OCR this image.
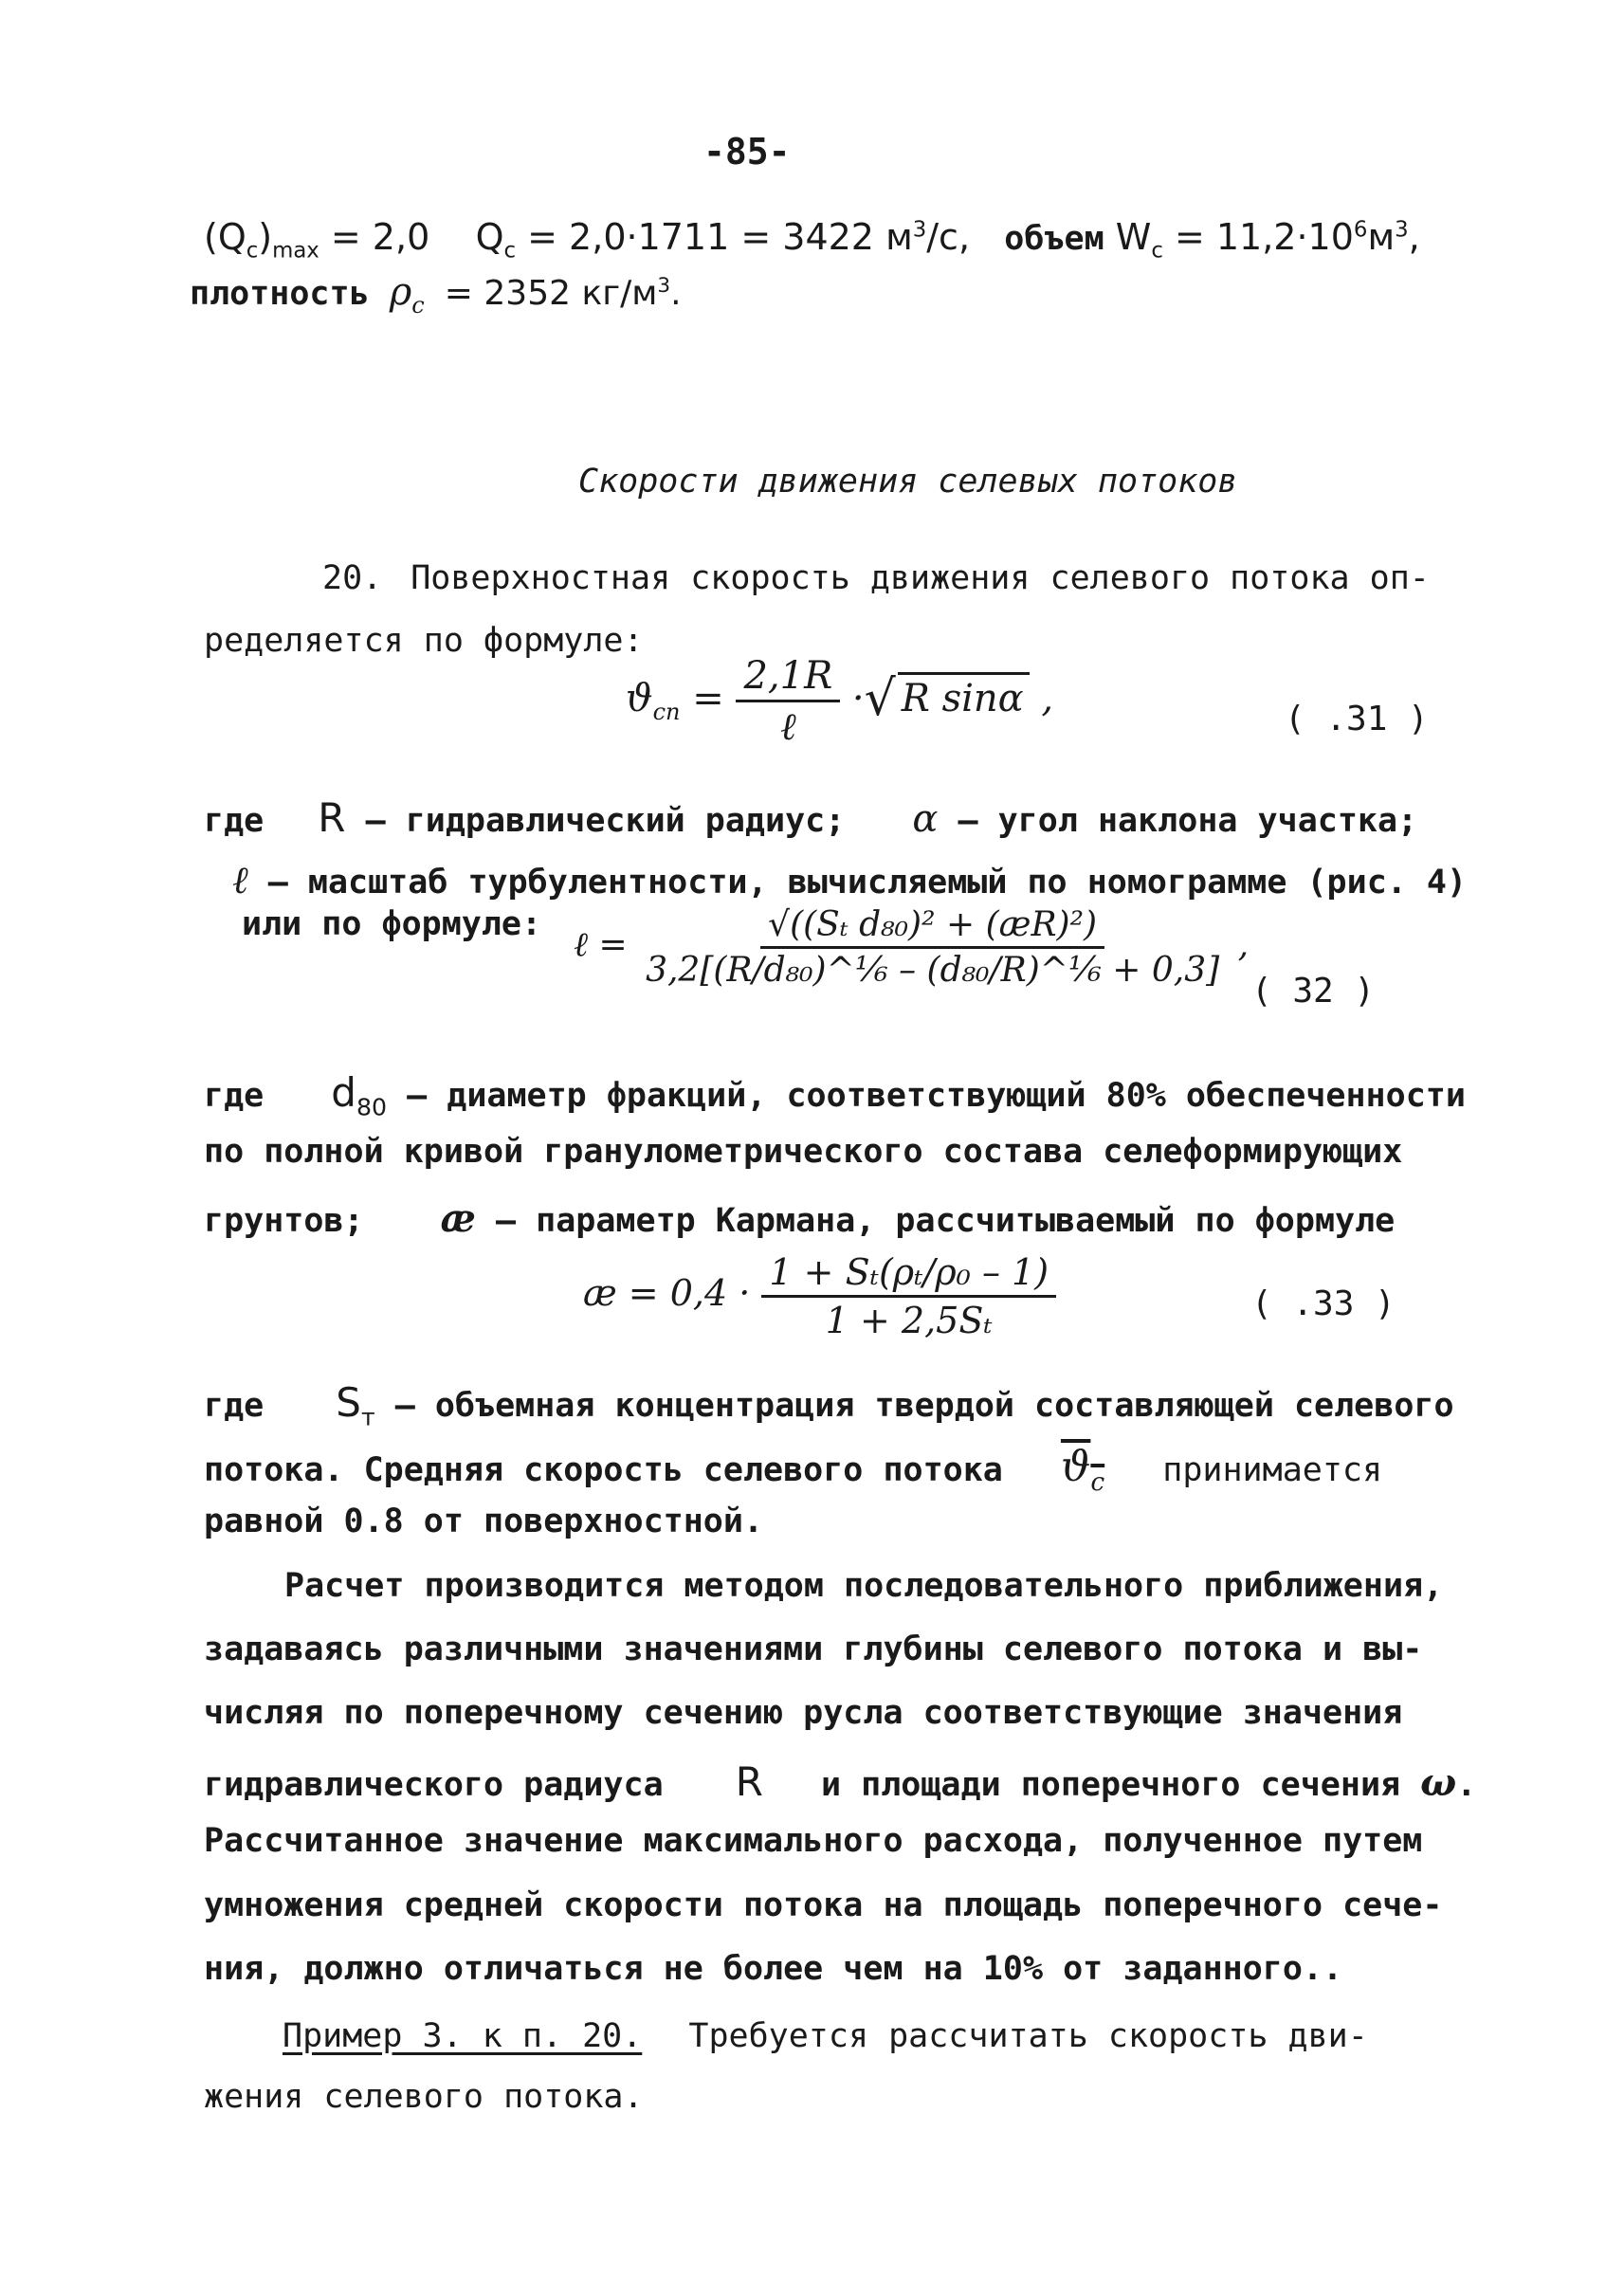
-85-
$(Q_c)_{max} = 2,0$ $Q_c = 2,0\cdot 1711 = 3422$ $м^3/с$, объем $W_c = 11,2\cdot 10^6м^3$,
плотность $\rho_c = 2352$ $кг/м^3$.
Скорости движения селевых потоков
20. Поверхностная скорость движения селевого потока оп-
ределяется по формуле:
$ϑ_{cn} = \frac{2,1R}{\text{ℓ}}$ ·√ R sinα ,	( .31 )
где R – гидравлический радиус; α – угол наклона участка;
ℓ – масштаб турбулентности, вычисляемый по номограмме (рис. 4)
или по формуле:
ℓ = $\frac{\text{√((Sₜ d₈₀)² + (æR)²)}}{\text{3,2[(R/d₈₀)\textasciicircum{}⅙ – (d₈₀/R)\textasciicircum{}⅙ + 0,3]}}$ ,
( 32 )
где $d_{80}$ – диаметр фракций, соответствующий 80% обеспеченности
по полной кривой гранулометрического состава селеформирующих
грунтов; æ – параметр Кармана, рассчитываемый по формуле
æ = $0,4 \cdot \frac{\text{1 + Sₜ(ρₜ/ρ₀ – 1)}}{\text{1 + 2,5Sₜ}}$	( .33 )
где $S_т$ – объемная концентрация твердой составляющей селевого
потока. Средняя скорость селевого потока $ϑ_c$ принимается
равной 0.8 от поверхностной.
Расчет производится методом последовательного приближения,
задаваясь различными значениями глубины селевого потока и вы-
числяя по поперечному сечению русла соответствующие значения
гидравлического радиуса R и площади поперечного сечения ω.
Рассчитанное значение максимального расхода, полученное путем
умножения средней скорости потока на площадь поперечного сече-
ния, должно отличаться не более чем на 10% от заданного..
Пример 3. к п. 20. Требуется рассчитать скорость дви-
жения селевого потока.
